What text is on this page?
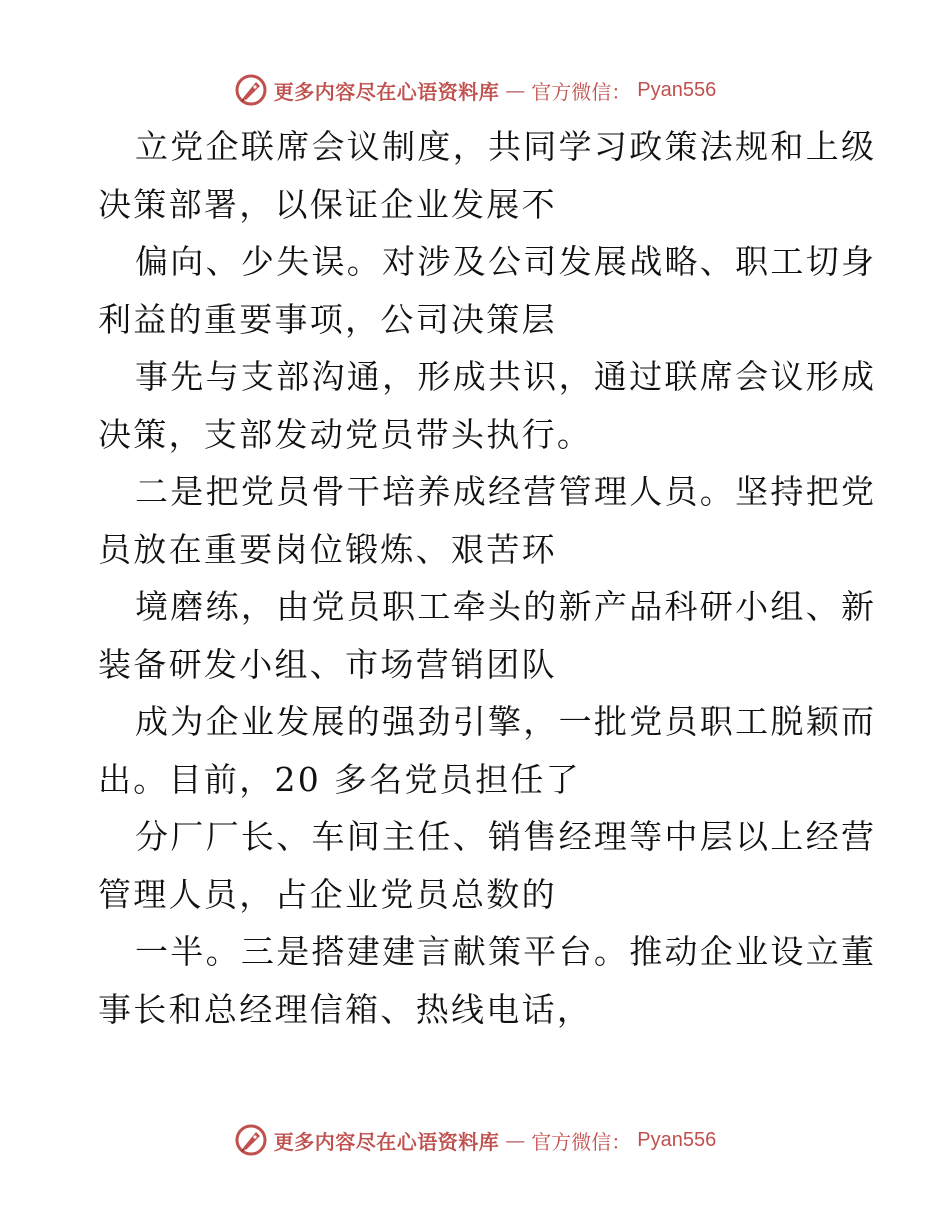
更多内容尽在心语资料库 — 官方微信： Pyan556
立党企联席会议制度，共同学习政策法规和上级
决策部署，以保证企业发展不
偏向、少失误。对涉及公司发展战略、职工切身
利益的重要事项，公司决策层
事先与支部沟通，形成共识，通过联席会议形成
决策，支部发动党员带头执行。
二是把党员骨干培养成经营管理人员。坚持把党
员放在重要岗位锻炼、艰苦环
境磨练，由党员职工牵头的新产品科研小组、新
装备研发小组、市场营销团队
成为企业发展的强劲引擎，一批党员职工脱颖而
出。目前，20 多名党员担任了
分厂厂长、车间主任、销售经理等中层以上经营
管理人员，占企业党员总数的
一半。三是搭建建言献策平台。推动企业设立董
事长和总经理信箱、热线电话，
更多内容尽在心语资料库 — 官方微信： Pyan556
